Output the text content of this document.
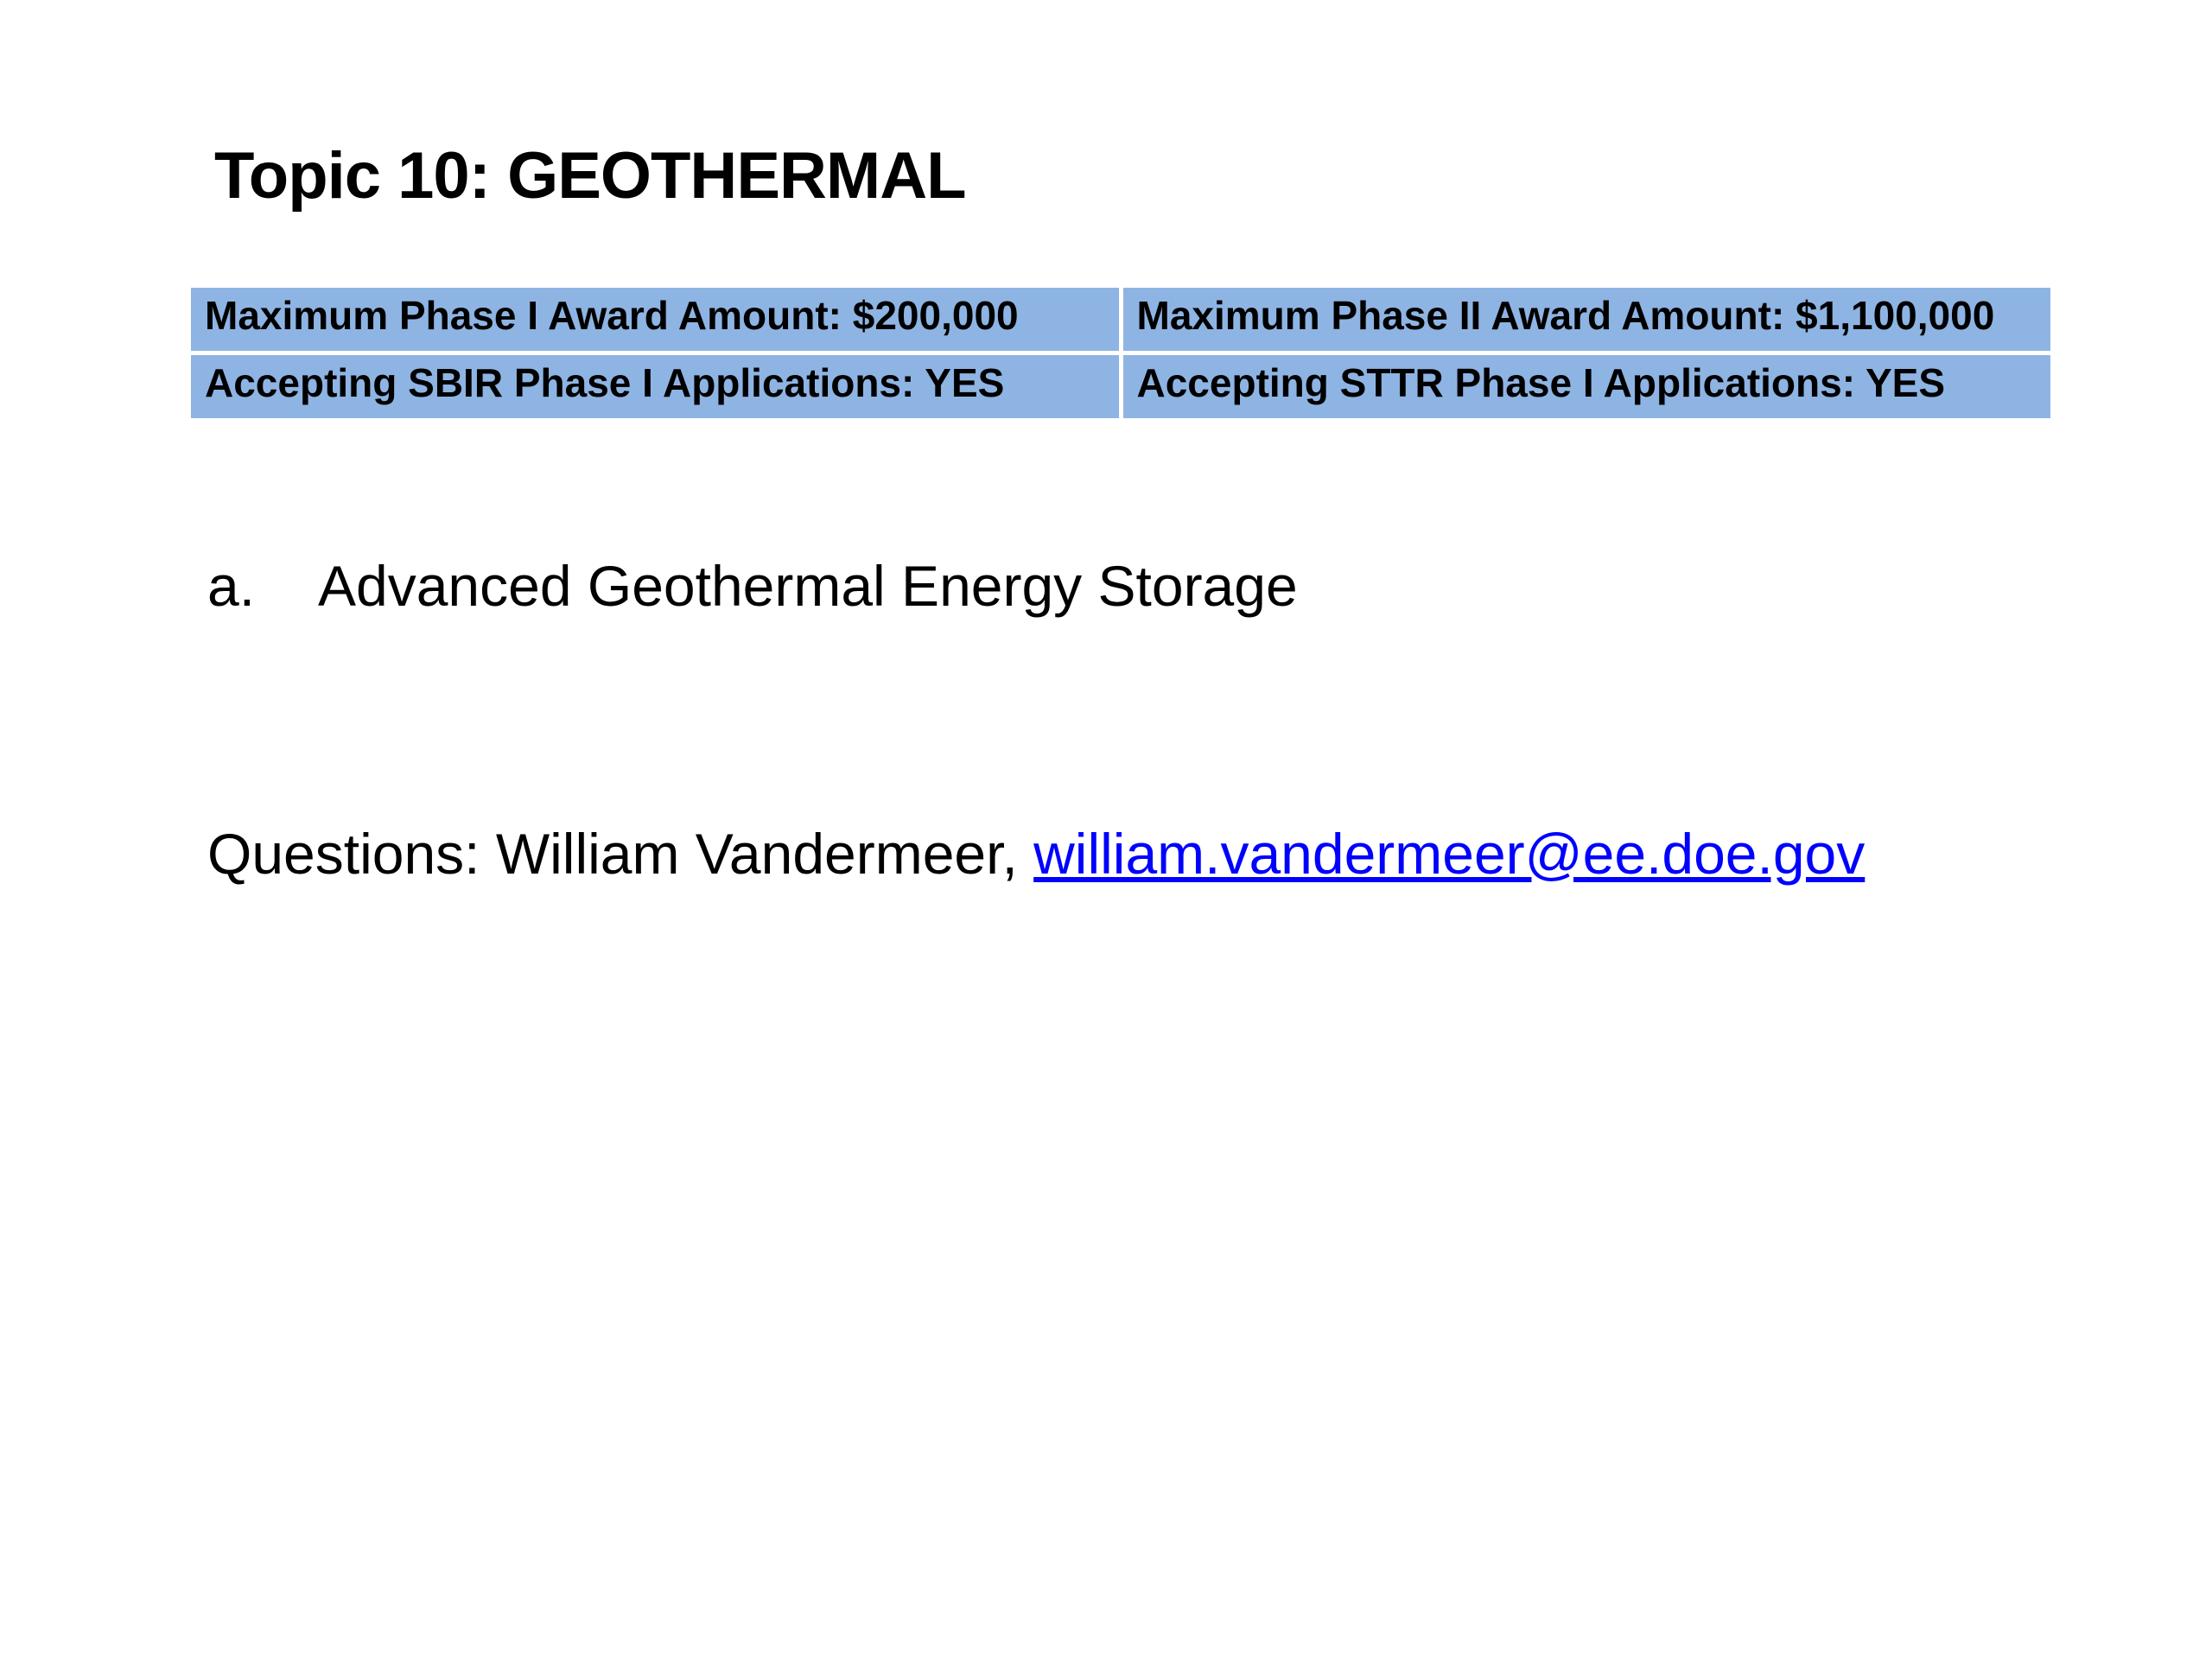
Topic 10: GEOTHERMAL
Maximum Phase I Award Amount: $200,000	Maximum Phase II Award Amount: $1,100,000
Accepting SBIR Phase I Applications: YES	Accepting STTR Phase I Applications: YES
a. Advanced Geothermal Energy Storage
Questions: William Vandermeer, william.vandermeer@ee.doe.gov
